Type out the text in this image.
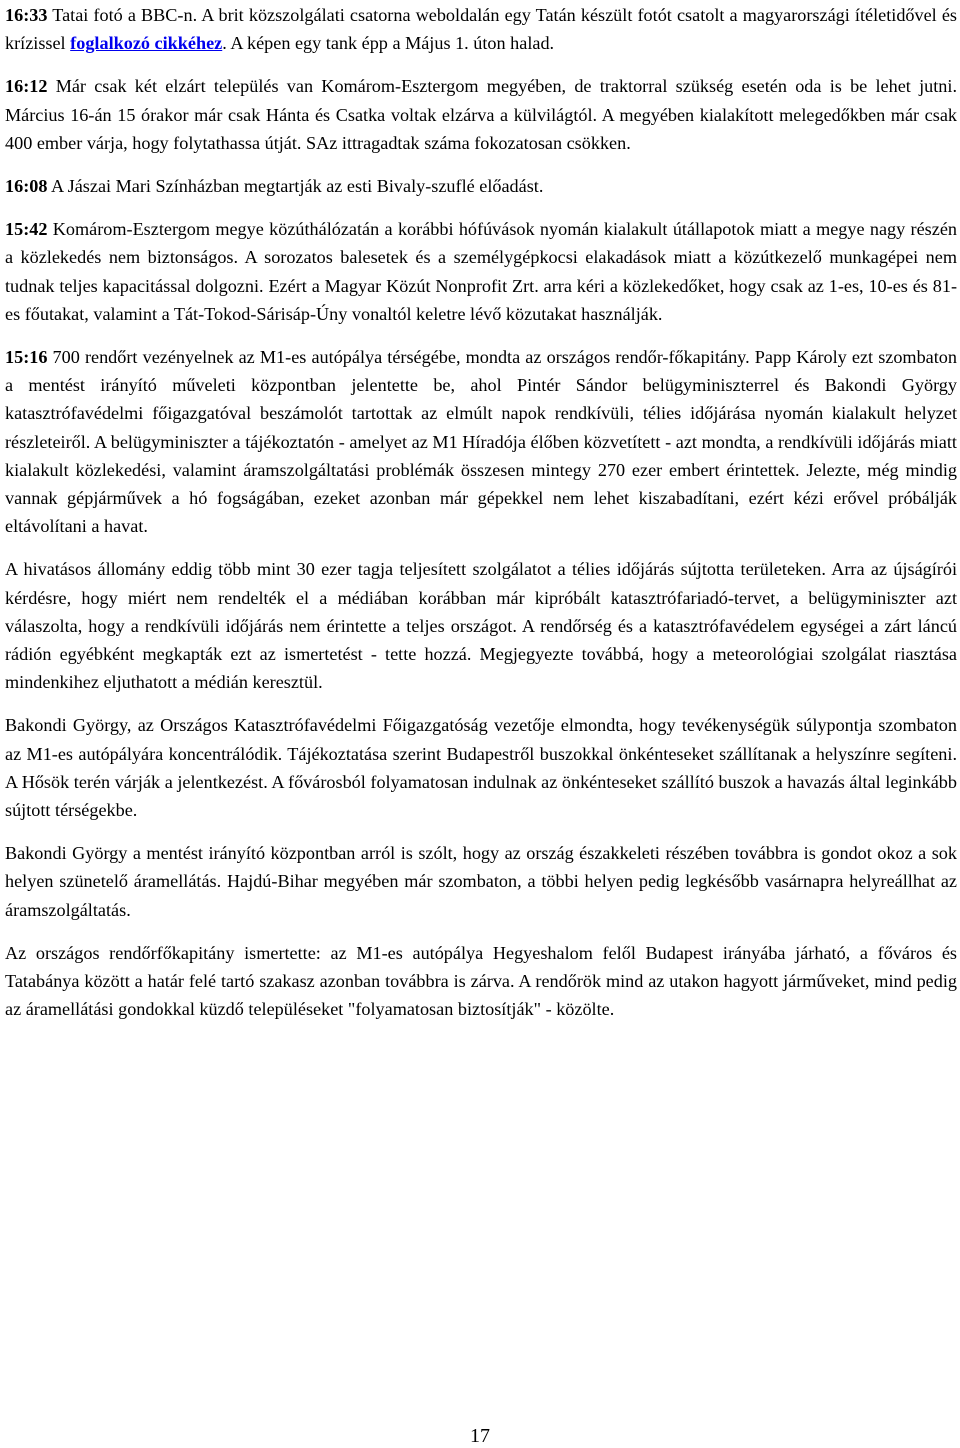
16:33 Tatai fotó a BBC-n. A brit közszolgálati csatorna weboldalán egy Tatán készült fotót csatolt a magyarországi ítéletidővel és krízissel foglalkozó cikkéhez. A képen egy tank épp a Május 1. úton halad.

16:12 Már csak két elzárt település van Komárom-Esztergom megyében, de traktorral szükség esetén oda is be lehet jutni. Március 16-án 15 órakor már csak Hánta és Csatka voltak elzárva a külvilágtól. A megyében kialakított melegedőkben már csak 400 ember várja, hogy folytathassa útját. SAz ittragadtak száma fokozatosan csökken.

16:08 A Jászai Mari Színházban megtartják az esti Bivaly-szuflé előadást.

15:42 Komárom-Esztergom megye közúthálózatán a korábbi hófúvások nyomán kialakult útállapotok miatt a megye nagy részén a közlekedés nem biztonságos. A sorozatos balesetek és a személygépkocsi elakadások miatt a közútkezelő munkagépei nem tudnak teljes kapacitással dolgozni. Ezért a Magyar Közút Nonprofit Zrt. arra kéri a közlekedőket, hogy csak az 1-es, 10-es és 81-es főutakat, valamint a Tát-Tokod-Sárisáp-Úny vonaltól keletre lévő közutakat használják.

15:16 700 rendőrt vezényelnek az M1-es autópálya térségébe, mondta az országos rendőr-főkapitány. Papp Károly ezt szombaton a mentést irányító műveleti központban jelentette be, ahol Pintér Sándor belügyminiszterrel és Bakondi György katasztrófavédelmi főigazgatóval beszámolót tartottak az elmúlt napok rendkívüli, télies időjárása nyomán kialakult helyzet részleteiről. A belügyminiszter a tájékoztatón - amelyet az M1 Híradója élőben közvetített - azt mondta, a rendkívüli időjárás miatt kialakult közlekedési, valamint áramszolgáltatási problémák összesen mintegy 270 ezer embert érintettek. Jelezte, még mindig vannak gépjárművek a hó fogságában, ezeket azonban már gépekkel nem lehet kiszabadítani, ezért kézi erővel próbálják eltávolítani a havat.

A hivatásos állomány eddig több mint 30 ezer tagja teljesített szolgálatot a télies időjárás sújtotta területeken. Arra az újságírói kérdésre, hogy miért nem rendelték el a médiában korábban már kipróbált katasztrófariadó-tervet, a belügyminiszter azt válaszolta, hogy a rendkívüli időjárás nem érintette a teljes országot. A rendőrség és a katasztrófavédelem egységei a zárt láncú rádión egyébként megkapták ezt az ismertetést - tette hozzá. Megjegyezte továbbá, hogy a meteorológiai szolgálat riasztása mindenkihez eljuthatott a médián keresztül.

Bakondi György, az Országos Katasztrófavédelmi Főigazgatóság vezetője elmondta, hogy tevékenységük súlypontja szombaton az M1-es autópályára koncentrálódik. Tájékoztatása szerint Budapestről buszokkal önkénteseket szállítanak a helyszínre segíteni. A Hősök terén várják a jelentkezést. A fővárosból folyamatosan indulnak az önkénteseket szállító buszok a havazás által leginkább sújtott térségekbe.

Bakondi György a mentést irányító központban arról is szólt, hogy az ország északkeleti részében továbbra is gondot okoz a sok helyen szünetelő áramellátás. Hajdú-Bihar megyében már szombaton, a többi helyen pedig legkésőbb vasárnapra helyreállhat az áramszolgáltatás.

Az országos rendőrfőkapitány ismertette: az M1-es autópálya Hegyeshalom felől Budapest irányába járható, a főváros és Tatabánya között a határ felé tartó szakasz azonban továbbra is zárva. A rendőrök mind az utakon hagyott járműveket, mind pedig az áramellátási gondokkal küzdő településeket "folyamatosan biztosítják" - közölte.

17
